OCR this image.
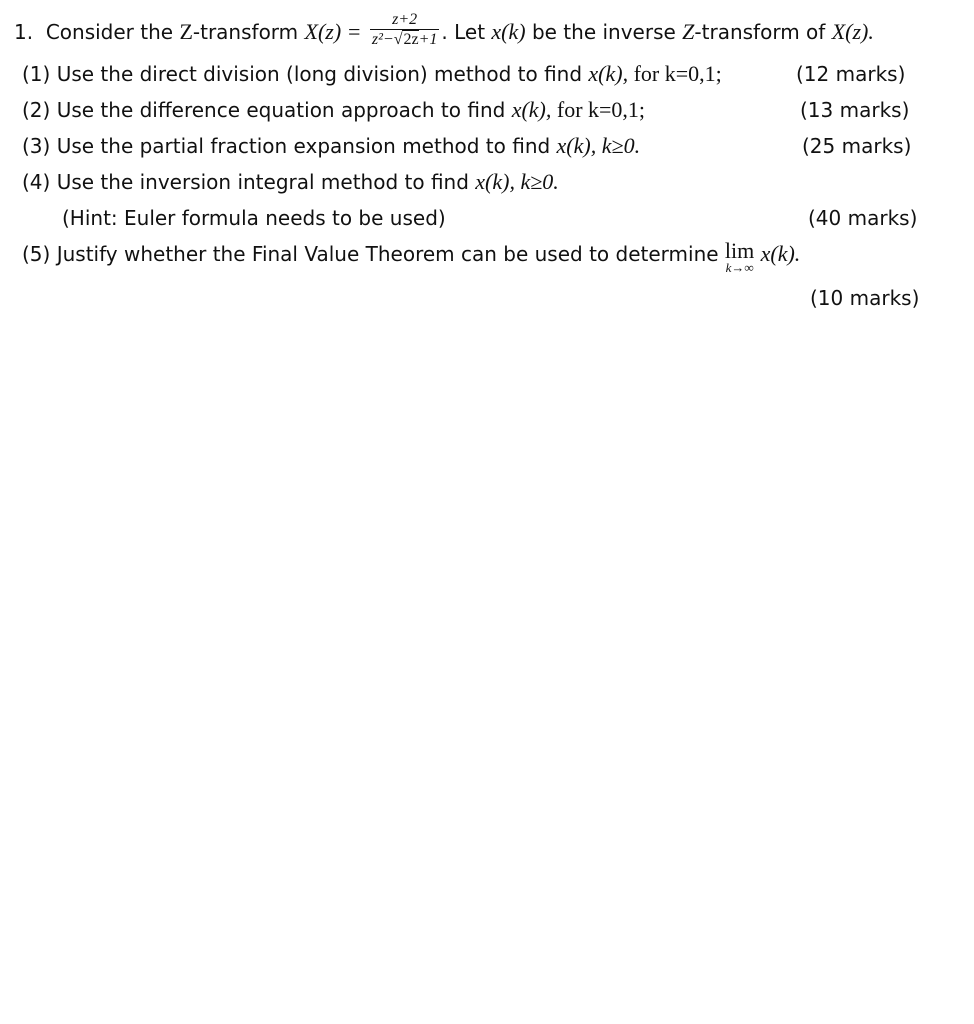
1. Consider the Z-transform $X(z) = \frac{z+2}{\text{z²−√2z+1}}$ . Let x(k) be the inverse Z-transform of X(z).
(1) Use the direct division (long division) method to find x(k), for k=0,1;	(12 marks)
(2) Use the difference equation approach to find x(k), for k=0,1;	(13 marks)
(3) Use the partial fraction expansion method to find x(k), k≥0.	(25 marks)
(4) Use the inversion integral method to find x(k), k≥0.
(Hint: Euler formula needs to be used)	(40 marks)
(5) Justify whether the Final Value Theorem can be used to determine lim
k→∞
x(k).
(10 marks)
